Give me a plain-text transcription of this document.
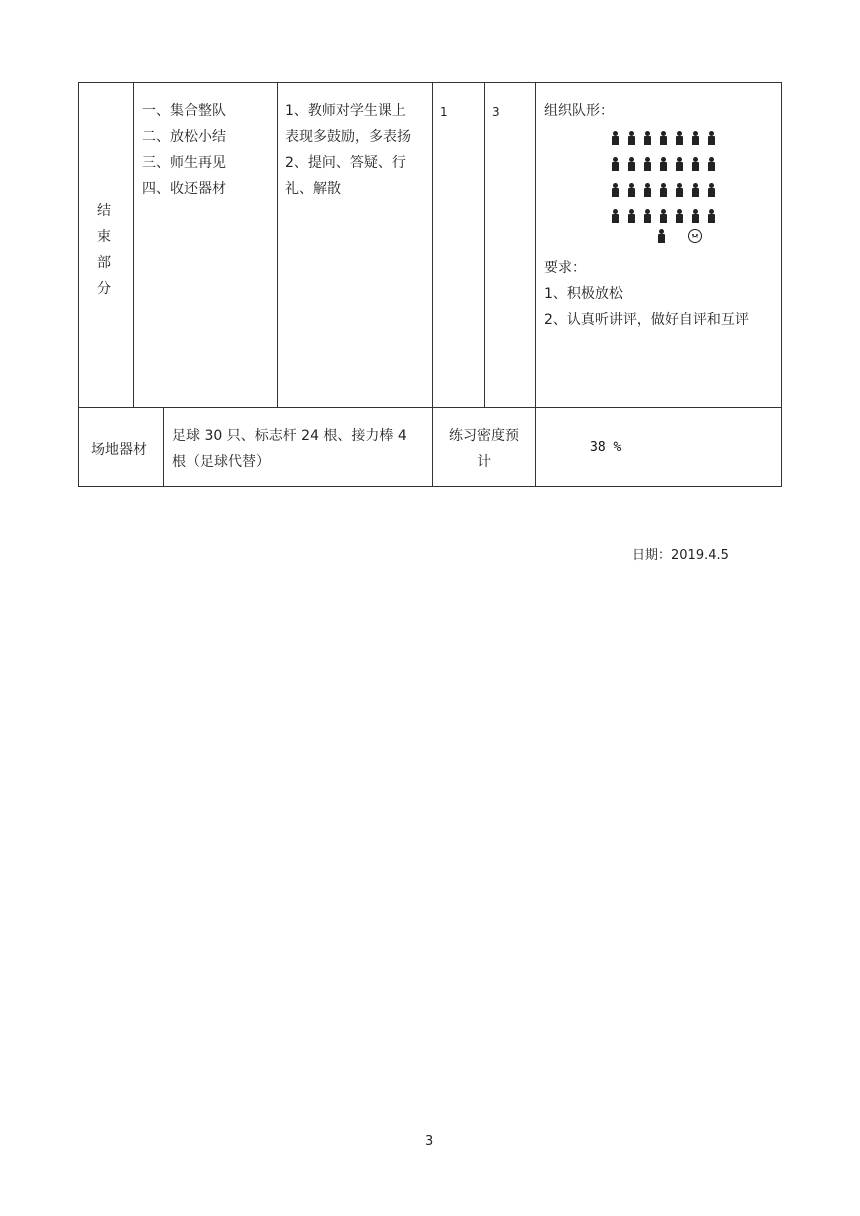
结
束
部
分
一、集合整队
二、放松小结
三、师生再见
四、收还器材
1、教师对学生课上
表现多鼓励，多表扬
2、提问、答疑、行
礼、解散
1	3	组织队形：
要求：
1、积极放松
2、认真听讲评，做好自评和互评
场地器材
足球 30 只、标志杆 24 根、接力棒 4
根（足球代替）
练习密度预
计
38 %
日期：2019.4.5
3
